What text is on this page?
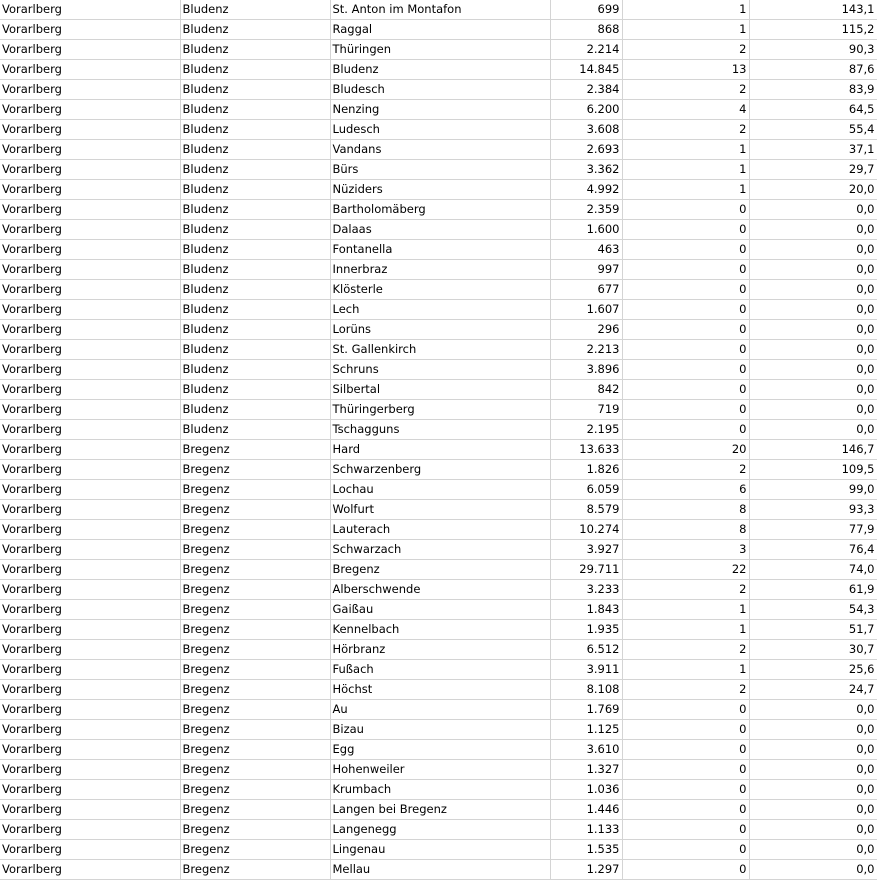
Vorarlberg	Bludenz	St. Anton im Montafon	699	1	143,1
Vorarlberg	Bludenz	Raggal	868	1	115,2
Vorarlberg	Bludenz	Thüringen	2.214	2	90,3
Vorarlberg	Bludenz	Bludenz	14.845	13	87,6
Vorarlberg	Bludenz	Bludesch	2.384	2	83,9
Vorarlberg	Bludenz	Nenzing	6.200	4	64,5
Vorarlberg	Bludenz	Ludesch	3.608	2	55,4
Vorarlberg	Bludenz	Vandans	2.693	1	37,1
Vorarlberg	Bludenz	Bürs	3.362	1	29,7
Vorarlberg	Bludenz	Nüziders	4.992	1	20,0
Vorarlberg	Bludenz	Bartholomäberg	2.359	0	0,0
Vorarlberg	Bludenz	Dalaas	1.600	0	0,0
Vorarlberg	Bludenz	Fontanella	463	0	0,0
Vorarlberg	Bludenz	Innerbraz	997	0	0,0
Vorarlberg	Bludenz	Klösterle	677	0	0,0
Vorarlberg	Bludenz	Lech	1.607	0	0,0
Vorarlberg	Bludenz	Lorüns	296	0	0,0
Vorarlberg	Bludenz	St. Gallenkirch	2.213	0	0,0
Vorarlberg	Bludenz	Schruns	3.896	0	0,0
Vorarlberg	Bludenz	Silbertal	842	0	0,0
Vorarlberg	Bludenz	Thüringerberg	719	0	0,0
Vorarlberg	Bludenz	Tschagguns	2.195	0	0,0
Vorarlberg	Bregenz	Hard	13.633	20	146,7
Vorarlberg	Bregenz	Schwarzenberg	1.826	2	109,5
Vorarlberg	Bregenz	Lochau	6.059	6	99,0
Vorarlberg	Bregenz	Wolfurt	8.579	8	93,3
Vorarlberg	Bregenz	Lauterach	10.274	8	77,9
Vorarlberg	Bregenz	Schwarzach	3.927	3	76,4
Vorarlberg	Bregenz	Bregenz	29.711	22	74,0
Vorarlberg	Bregenz	Alberschwende	3.233	2	61,9
Vorarlberg	Bregenz	Gaißau	1.843	1	54,3
Vorarlberg	Bregenz	Kennelbach	1.935	1	51,7
Vorarlberg	Bregenz	Hörbranz	6.512	2	30,7
Vorarlberg	Bregenz	Fußach	3.911	1	25,6
Vorarlberg	Bregenz	Höchst	8.108	2	24,7
Vorarlberg	Bregenz	Au	1.769	0	0,0
Vorarlberg	Bregenz	Bizau	1.125	0	0,0
Vorarlberg	Bregenz	Egg	3.610	0	0,0
Vorarlberg	Bregenz	Hohenweiler	1.327	0	0,0
Vorarlberg	Bregenz	Krumbach	1.036	0	0,0
Vorarlberg	Bregenz	Langen bei Bregenz	1.446	0	0,0
Vorarlberg	Bregenz	Langenegg	1.133	0	0,0
Vorarlberg	Bregenz	Lingenau	1.535	0	0,0
Vorarlberg	Bregenz	Mellau	1.297	0	0,0
